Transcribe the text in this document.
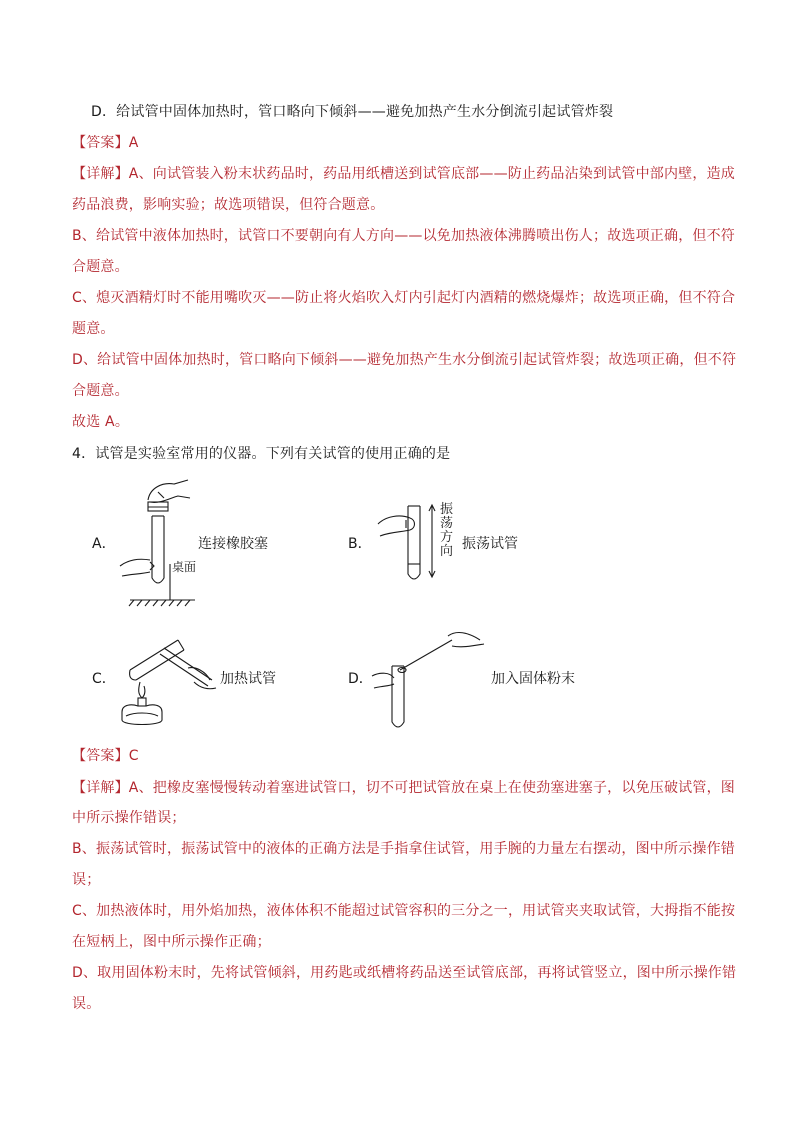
D．给试管中固体加热时，管口略向下倾斜——避免加热产生水分倒流引起试管炸裂
【答案】A
【详解】A、向试管装入粉末状药品时，药品用纸槽送到试管底部——防止药品沾染到试管中部内壁，造成
药品浪费，影响实验；故选项错误，但符合题意。
B、给试管中液体加热时，试管口不要朝向有人方向——以免加热液体沸腾喷出伤人；故选项正确，但不符
合题意。
C、熄灭酒精灯时不能用嘴吹灭——防止将火焰吹入灯内引起灯内酒精的燃烧爆炸；故选项正确，但不符合
题意。
D、给试管中固体加热时，管口略向下倾斜——避免加热产生水分倒流引起试管炸裂；故选项正确，但不符
合题意。
故选 A。
4．试管是实验室常用的仪器。下列有关试管的使用正确的是
A．
桌面
连接橡胶塞	B．
振
荡
方
向 振荡试管
C．	加热试管	D．	加入固体粉末
【答案】C
【详解】A、把橡皮塞慢慢转动着塞进试管口，切不可把试管放在桌上在使劲塞进塞子，以免压破试管，图
中所示操作错误；
B、振荡试管时，振荡试管中的液体的正确方法是手指拿住试管，用手腕的力量左右摆动，图中所示操作错
误；
C、加热液体时，用外焰加热，液体体积不能超过试管容积的三分之一，用试管夹夹取试管，大拇指不能按
在短柄上，图中所示操作正确；
D、取用固体粉末时，先将试管倾斜，用药匙或纸槽将药品送至试管底部，再将试管竖立，图中所示操作错
误。
